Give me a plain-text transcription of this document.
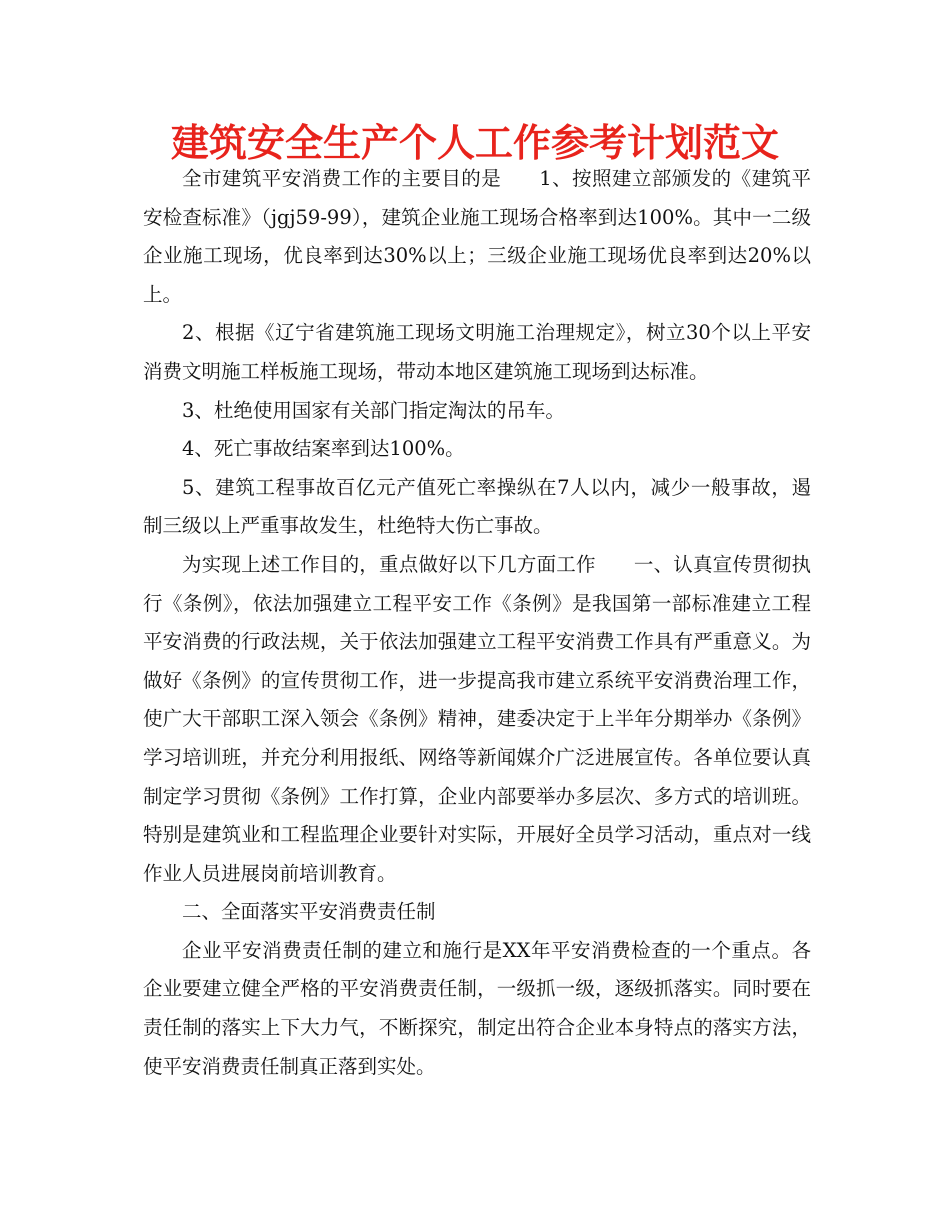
建筑安全生产个人工作参考计划范文

全市建筑平安消费工作的主要目的是 1、按照建立部颁发的《建筑平安检查标准》（jgj59-99），建筑企业施工现场合格率到达100%。其中一二级企业施工现场，优良率到达30%以上；三级企业施工现场优良率到达20%以上。

2、根据《辽宁省建筑施工现场文明施工治理规定》，树立30个以上平安消费文明施工样板施工现场，带动本地区建筑施工现场到达标准。

3、杜绝使用国家有关部门指定淘汰的吊车。

4、死亡事故结案率到达100%。

5、建筑工程事故百亿元产值死亡率操纵在7人以内，减少一般事故，遏制三级以上严重事故发生，杜绝特大伤亡事故。

为实现上述工作目的，重点做好以下几方面工作 一、认真宣传贯彻执行《条例》，依法加强建立工程平安工作《条例》是我国第一部标准建立工程平安消费的行政法规，关于依法加强建立工程平安消费工作具有严重意义。为做好《条例》的宣传贯彻工作，进一步提高我市建立系统平安消费治理工作，使广大干部职工深入领会《条例》精神，建委决定于上半年分期举办《条例》学习培训班，并充分利用报纸、网络等新闻媒介广泛进展宣传。各单位要认真制定学习贯彻《条例》工作打算，企业内部要举办多层次、多方式的培训班。特别是建筑业和工程监理企业要针对实际，开展好全员学习活动，重点对一线作业人员进展岗前培训教育。

二、全面落实平安消费责任制

企业平安消费责任制的建立和施行是XX年平安消费检查的一个重点。各企业要建立健全严格的平安消费责任制，一级抓一级，逐级抓落实。同时要在责任制的落实上下大力气，不断探究，制定出符合企业本身特点的落实方法，使平安消费责任制真正落到实处。
